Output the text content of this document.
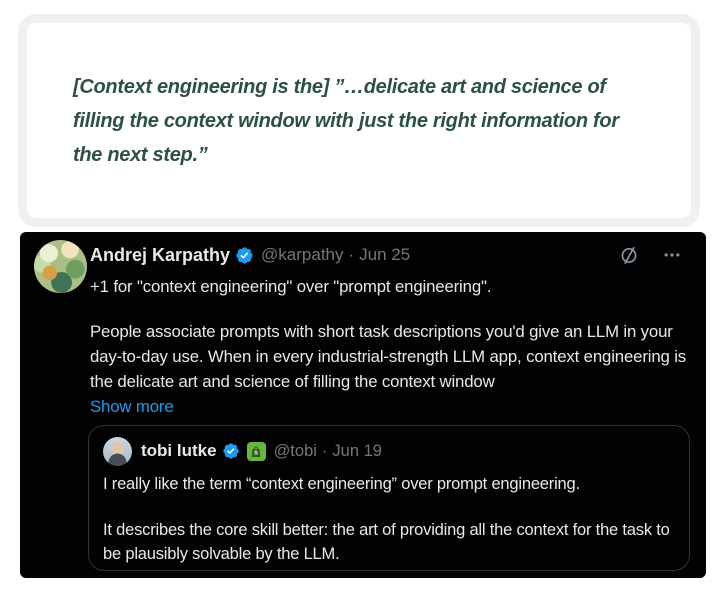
[Context engineering is the] ”…delicate art and science of
filling the context window with just the right information for
the next step.”
Andrej Karpathy @karpathy · Jun 25
+1 for "context engineering" over "prompt engineering".
People associate prompts with short task descriptions you'd give an LLM in your day-to-day use. When in every industrial-strength LLM app, context engineering is the delicate art and science of filling the context window
Show more
tobi lutke	S @tobi · Jun 19
I really like the term “context engineering” over prompt engineering.
It describes the core skill better: the art of providing all the context for the task to be plausibly solvable by the LLM.
